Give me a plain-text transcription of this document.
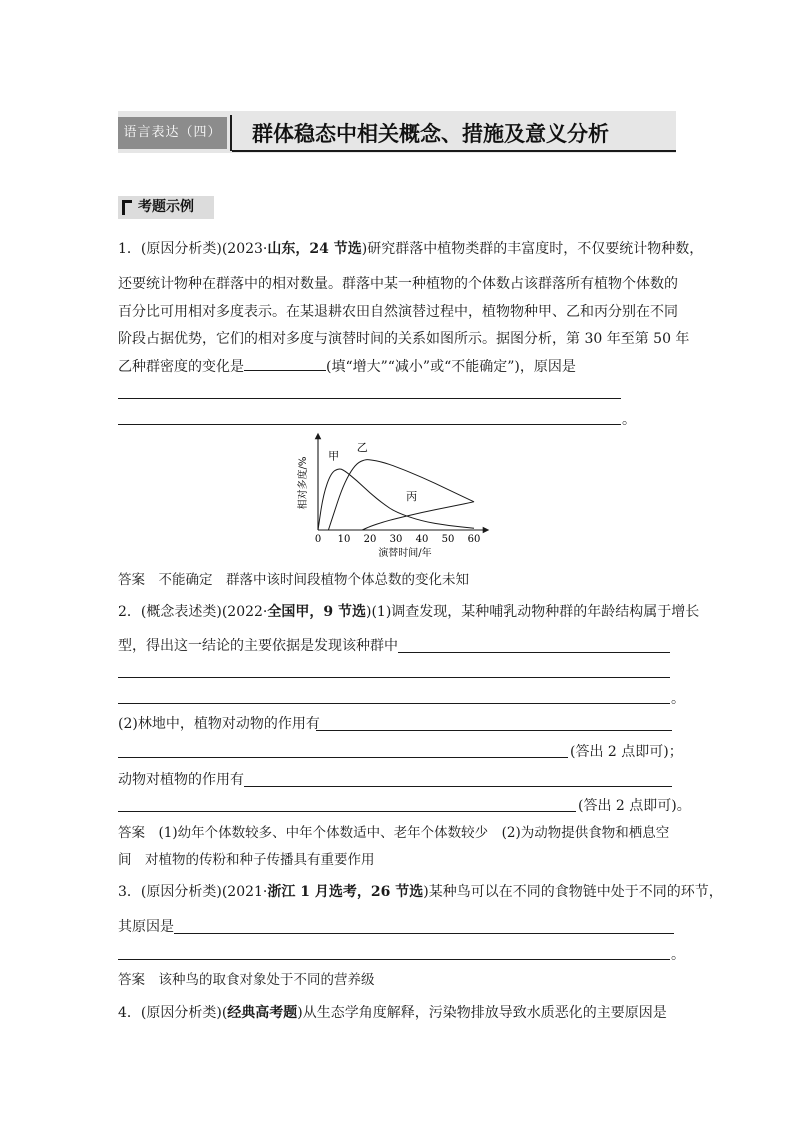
语言表达（四） 群体稳态中相关概念、措施及意义分析
考题示例
1．(原因分析类)(2023·山东，24 节选)研究群落中植物类群的丰富度时，不仅要统计物种数，
还要统计物种在群落中的相对数量。群落中某一种植物的个体数占该群落所有植物个体数的
百分比可用相对多度表示。在某退耕农田自然演替过程中，植物物种甲、乙和丙分别在不同
阶段占据优势，它们的相对多度与演替时间的关系如图所示。据图分析，第 30 年至第 50 年
乙种群密度的变化是	(填“增大”“减小”或“不能确定”)，原因是
。
相对多度/%
演替时间/年
0 10 20 30 40 50 60
甲
乙
丙
答案　 不能确定　群落中该时间段植物个体总数的变化未知
2．(概念表述类)(2022·全国甲，9 节选)(1)调查发现，某种哺乳动物种群的年龄结构属于增长
型，得出这一结论的主要依据是发现该种群中
。
(2)林地中，植物对动物的作用有
(答出 2 点即可)；
动物对植物的作用有
(答出 2 点即可)。
答案　 (1)幼年个体数较多、中年个体数适中、老年个体数较少　(2)为动物提供食物和栖息空
间　对植物的传粉和种子传播具有重要作用
3．(原因分析类)(2021·浙江 1 月选考，26 节选)某种鸟可以在不同的食物链中处于不同的环节，
其原因是
。
答案　 该种鸟的取食对象处于不同的营养级
4．(原因分析类)(经典高考题)从生态学角度解释，污染物排放导致水质恶化的主要原因是
